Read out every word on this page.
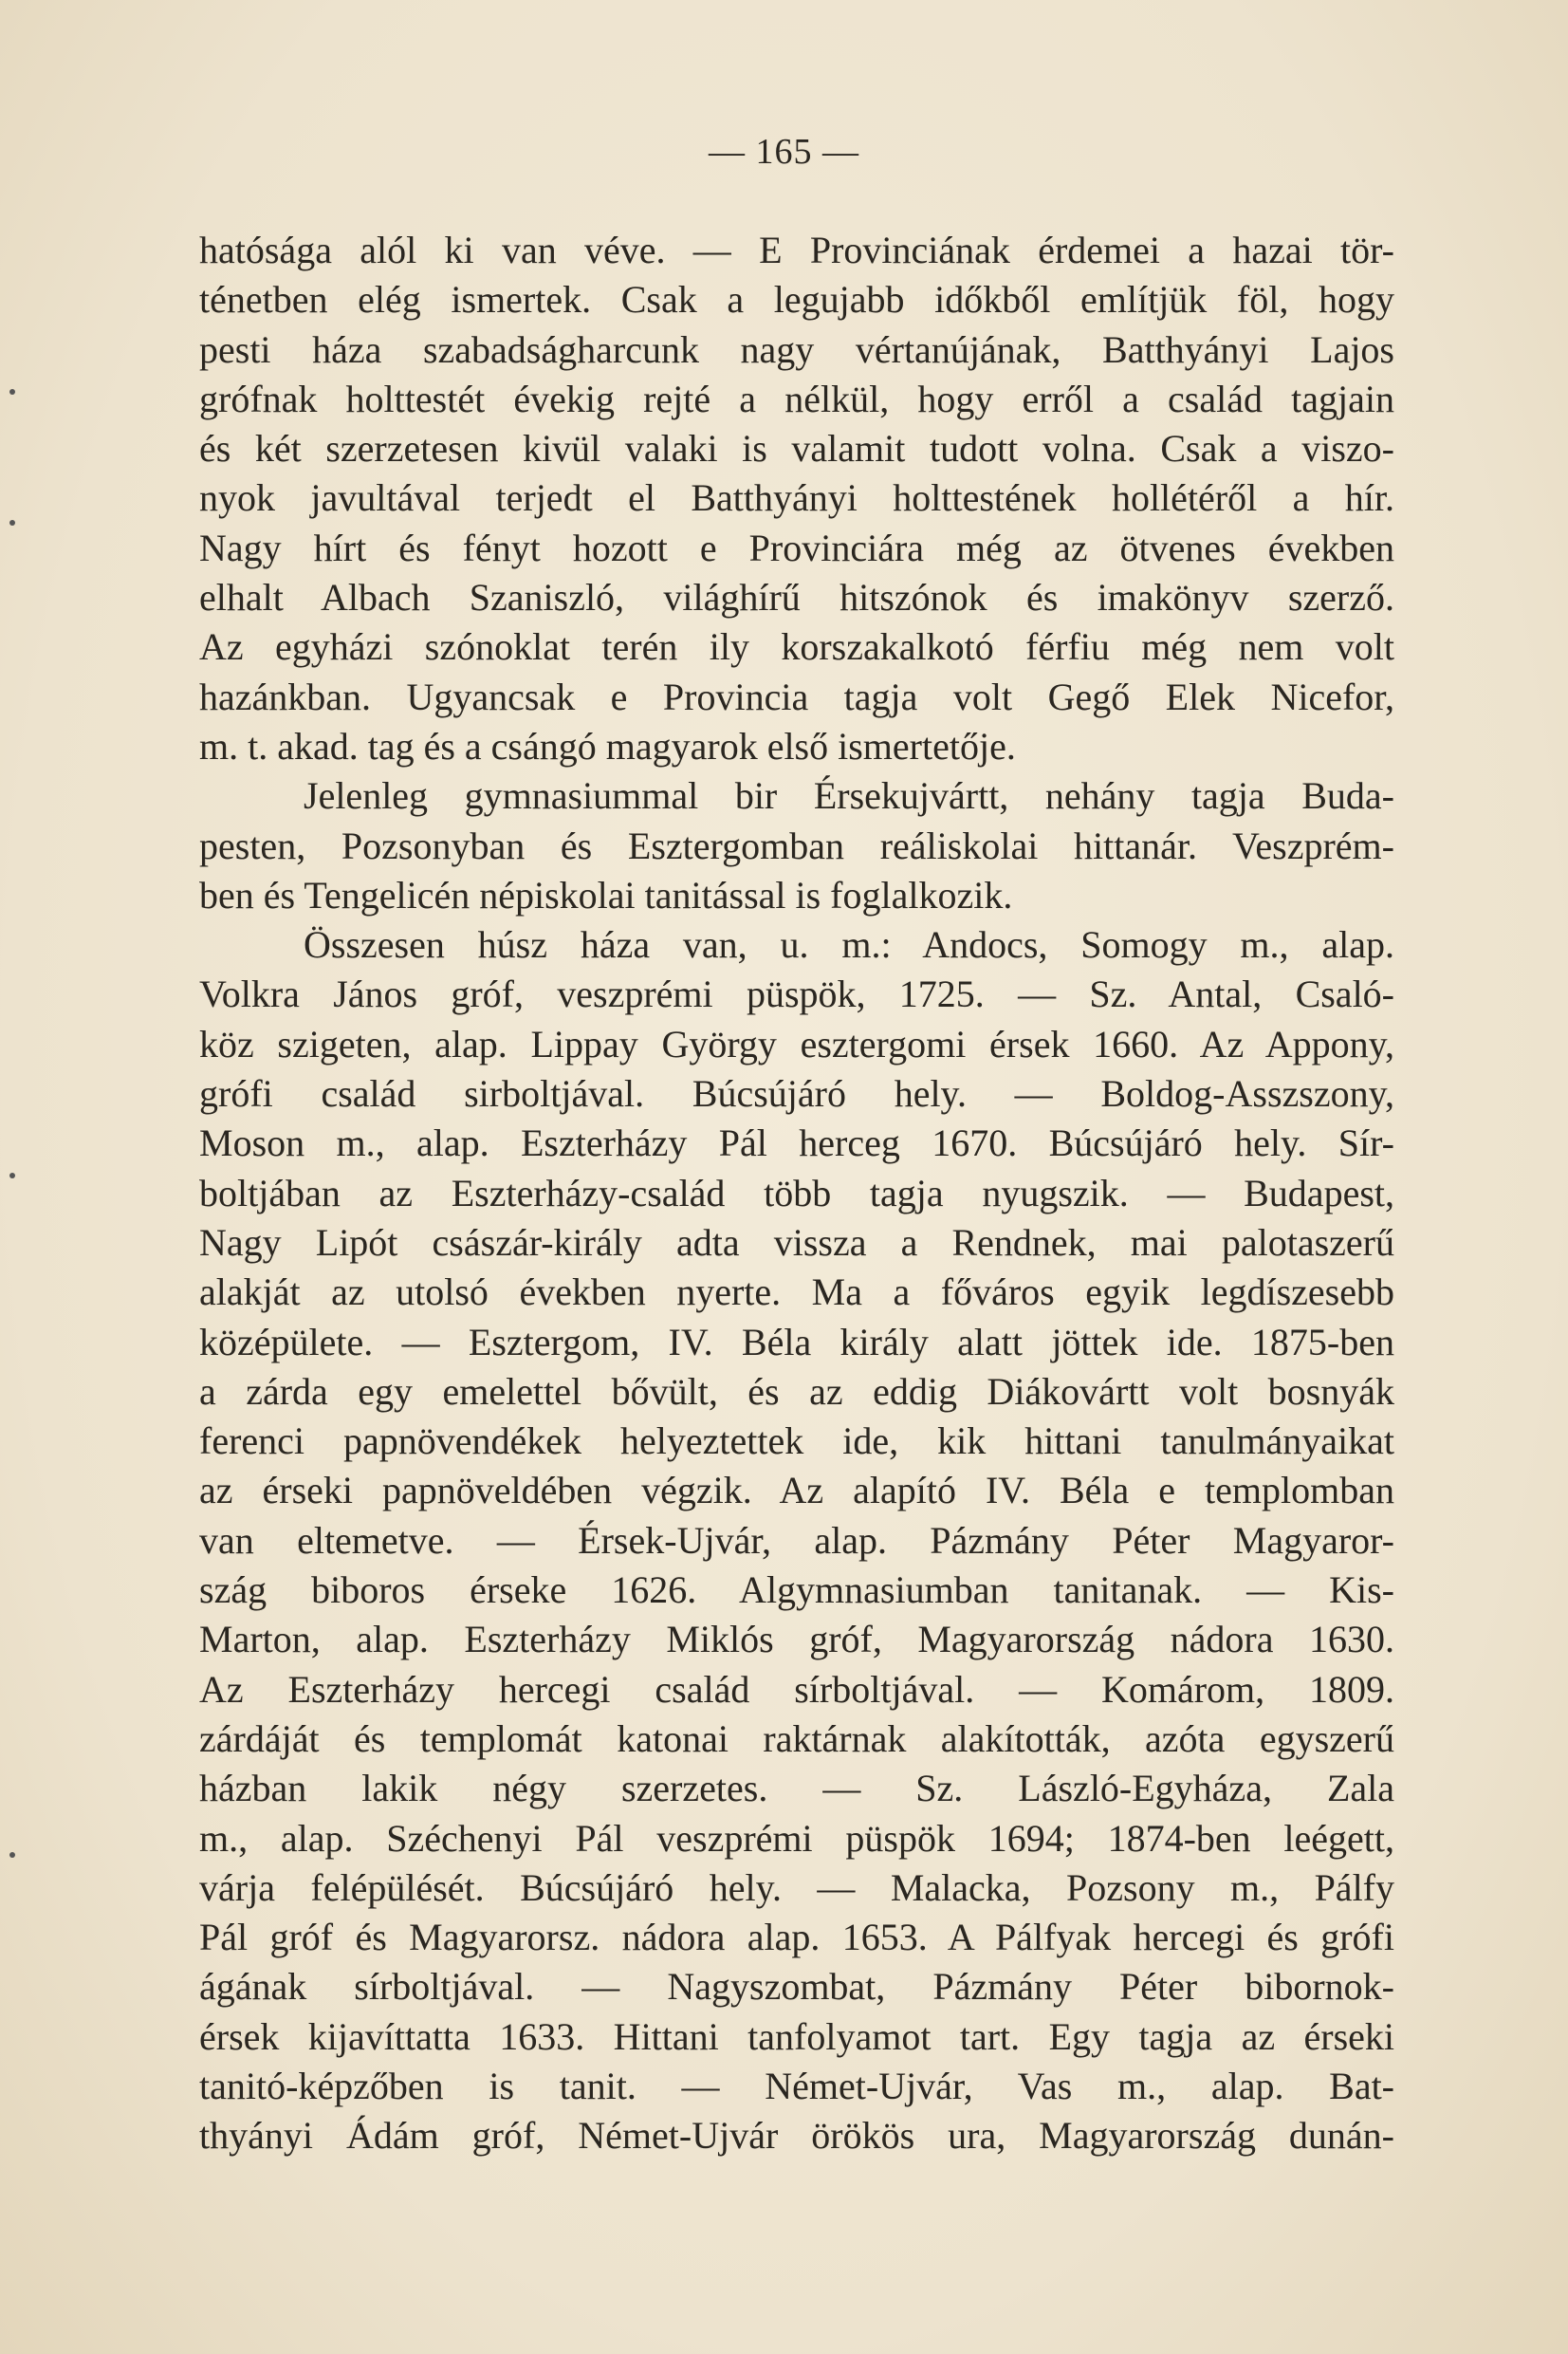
— 165 —
hatósága alól ki van véve. — E Provinciának érdemei a hazai tör-
ténetben elég ismertek. Csak a legujabb időkből említjük föl, hogy
pesti háza szabadságharcunk nagy vértanújának, Batthyányi Lajos
grófnak holttestét évekig rejté a nélkül, hogy erről a család tagjain
és két szerzetesen kivül valaki is valamit tudott volna. Csak a viszo-
nyok javultával terjedt el Batthyányi holttestének hollétéről a hír.
Nagy hírt és fényt hozott e Provinciára még az ötvenes években
elhalt Albach Szaniszló, világhírű hitszónok és imakönyv szerző.
Az egyházi szónoklat terén ily korszakalkotó férfiu még nem volt
hazánkban. Ugyancsak e Provincia tagja volt Gegő Elek Nicefor,
m. t. akad. tag és a csángó magyarok első ismertetője.
Jelenleg gymnasiummal bir Érsekujvártt, nehány tagja Buda-
pesten, Pozsonyban és Esztergomban reáliskolai hittanár. Veszprém-
ben és Tengelicén népiskolai tanitással is foglalkozik.
Összesen húsz háza van, u. m.: Andocs, Somogy m., alap.
Volkra János gróf, veszprémi püspök, 1725. — Sz. Antal, Csaló-
köz szigeten, alap. Lippay György esztergomi érsek 1660. Az Appony,
grófi család sirboltjával. Búcsújáró hely. — Boldog-Asszszony,
Moson m., alap. Eszterházy Pál herceg 1670. Búcsújáró hely. Sír-
boltjában az Eszterházy-család több tagja nyugszik. — Budapest,
Nagy Lipót császár-király adta vissza a Rendnek, mai palotaszerű
alakját az utolsó években nyerte. Ma a főváros egyik legdíszesebb
középülete. — Esztergom, IV. Béla király alatt jöttek ide. 1875-ben
a zárda egy emelettel bővült, és az eddig Diákovártt volt bosnyák
ferenci papnövendékek helyeztettek ide, kik hittani tanulmányaikat
az érseki papnöveldében végzik. Az alapító IV. Béla e templomban
van eltemetve. — Érsek-Ujvár, alap. Pázmány Péter Magyaror-
szág biboros érseke 1626. Algymnasiumban tanitanak. — Kis-
Marton, alap. Eszterházy Miklós gróf, Magyarország nádora 1630.
Az Eszterházy hercegi család sírboltjával. — Komárom, 1809.
zárdáját és templomát katonai raktárnak alakították, azóta egyszerű
házban lakik négy szerzetes. — Sz. László-Egyháza, Zala
m., alap. Széchenyi Pál veszprémi püspök 1694; 1874-ben leégett,
várja felépülését. Búcsújáró hely. — Malacka, Pozsony m., Pálfy
Pál gróf és Magyarorsz. nádora alap. 1653. A Pálfyak hercegi és grófi
ágának sírboltjával. — Nagyszombat, Pázmány Péter bibornok-
érsek kijavíttatta 1633. Hittani tanfolyamot tart. Egy tagja az érseki
tanitó-képzőben is tanit. — Német-Ujvár, Vas m., alap. Bat-
thyányi Ádám gróf, Német-Ujvár örökös ura, Magyarország dunán-
